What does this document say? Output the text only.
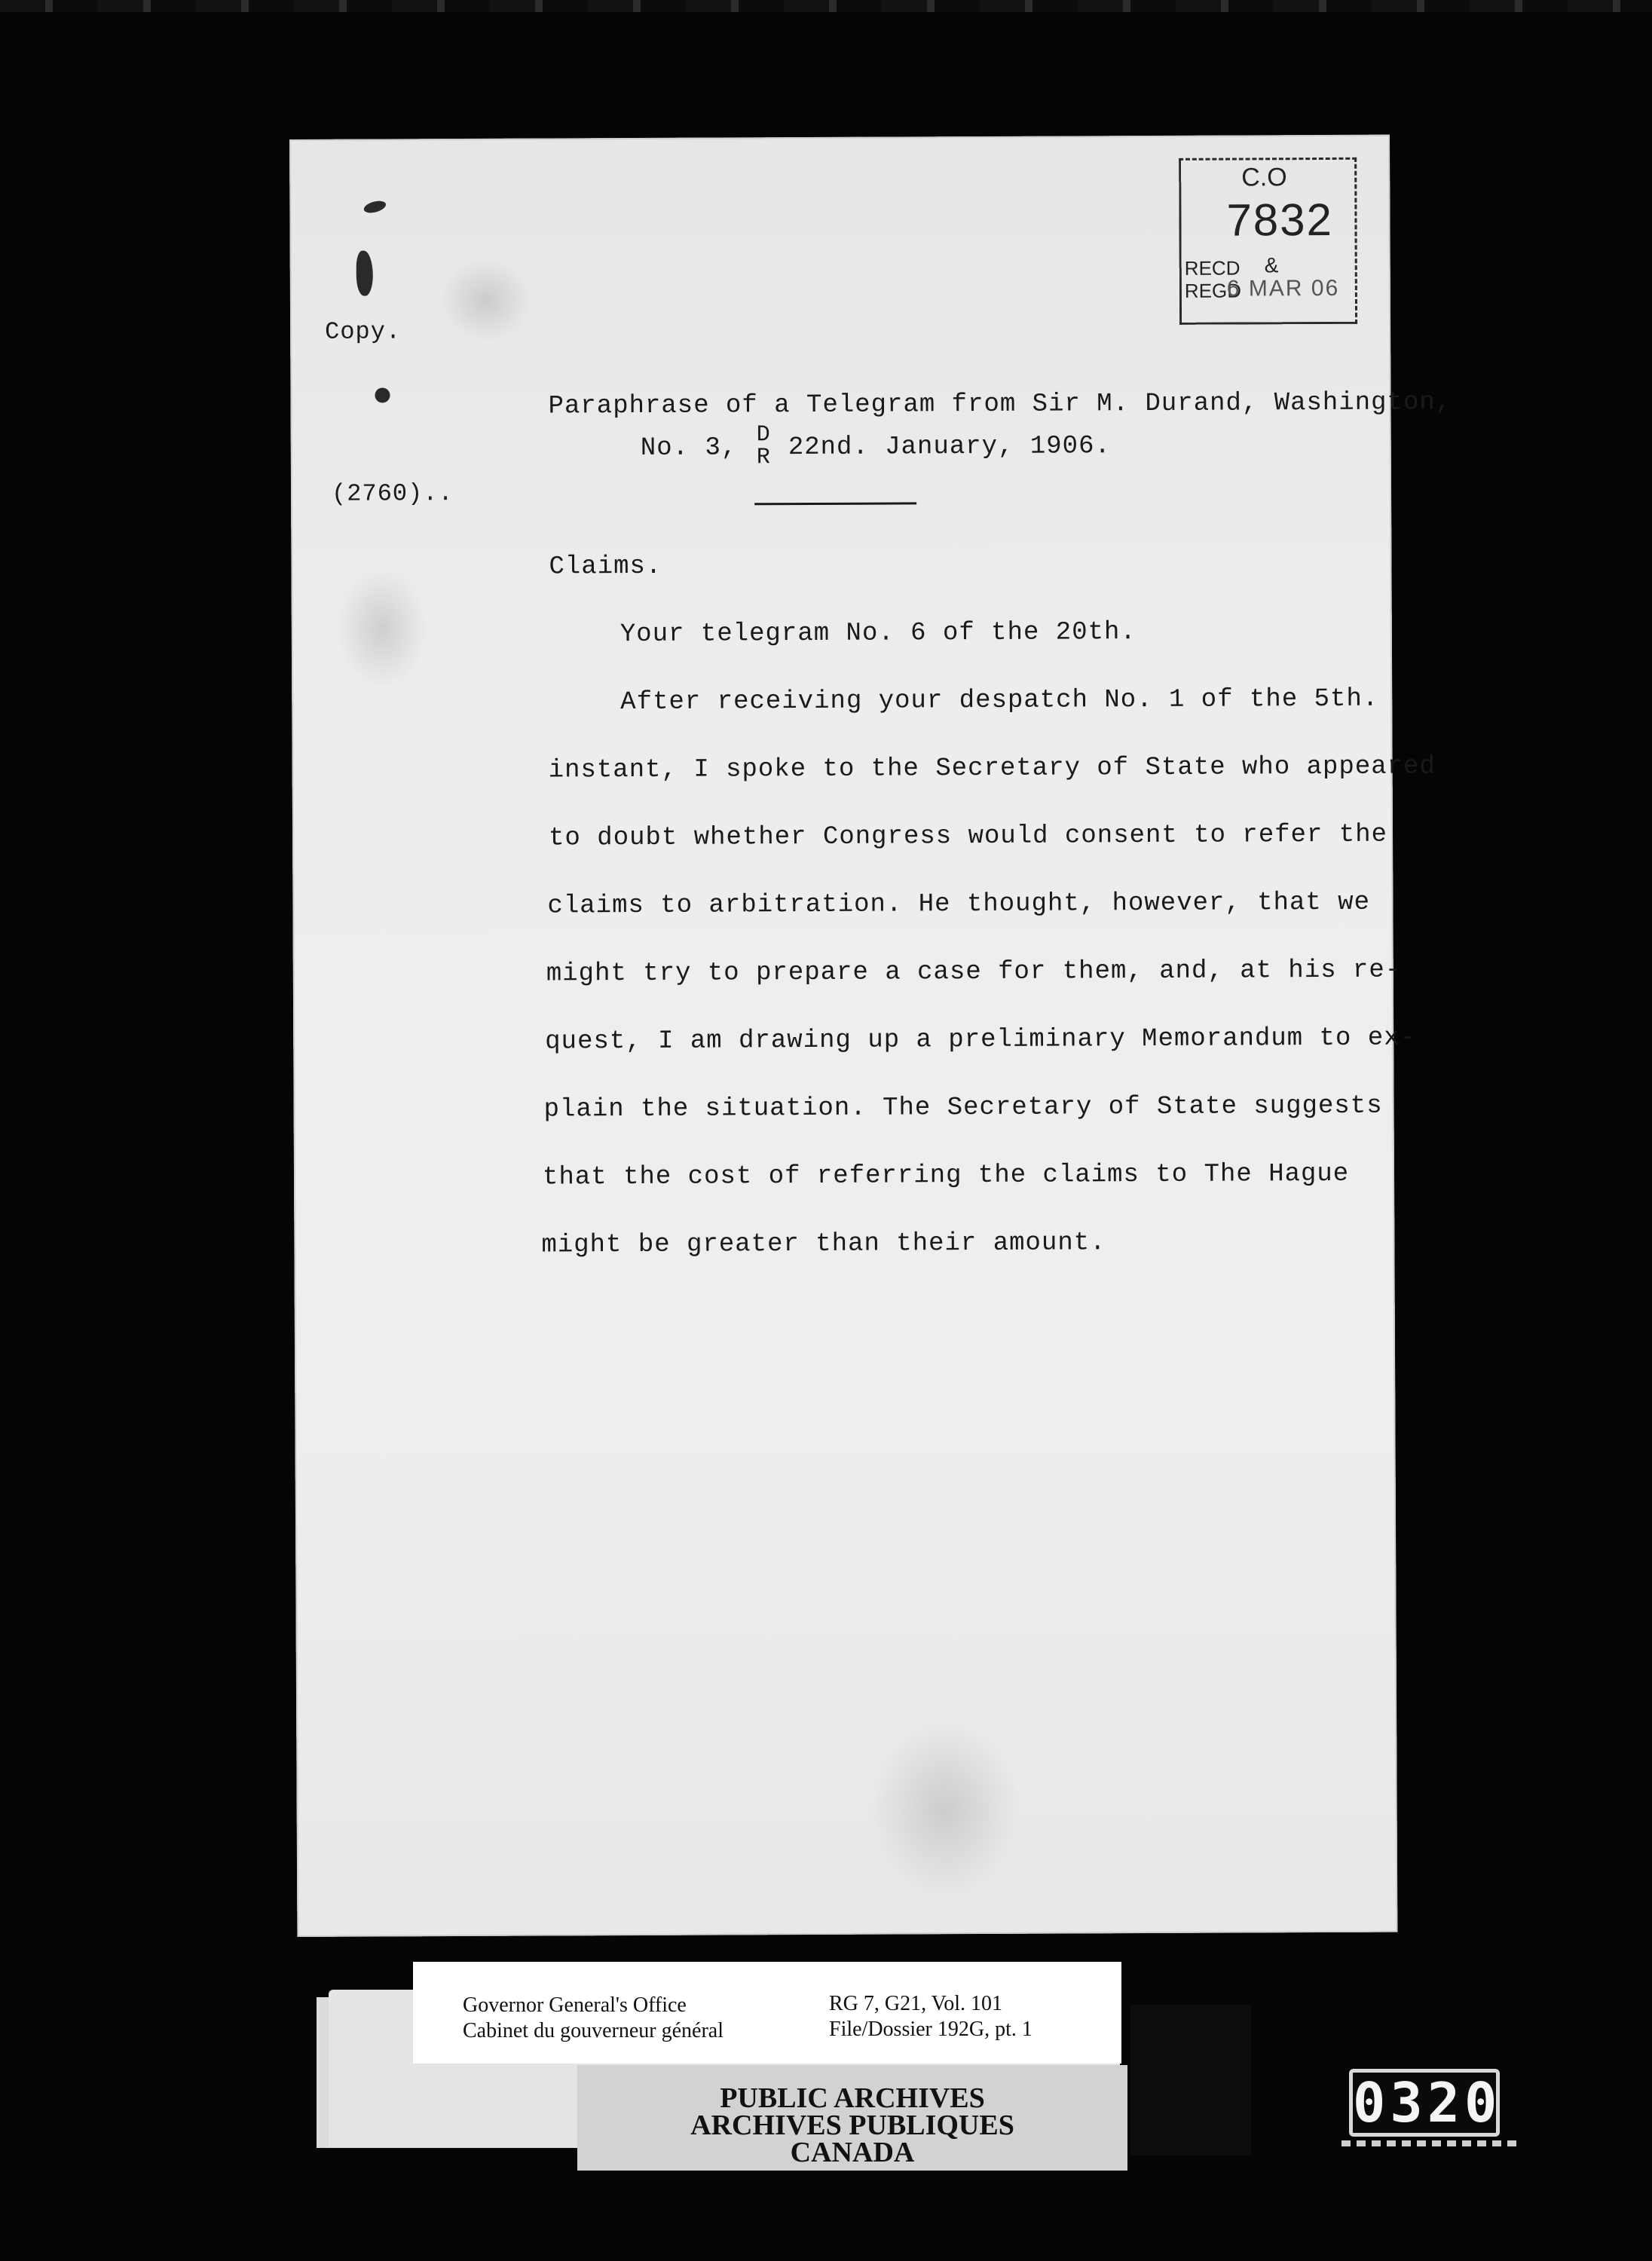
Copy.
(2760)..
C.O
7832
RECD
REGD
&
6 MAR 06
Paraphrase of a Telegram from Sir M. Durand, Washington,
No. 3, D
R 22nd. January, 1906.
Claims.
Your telegram No. 6 of the 20th.
After receiving your despatch No. 1 of the 5th.
instant, I spoke to the Secretary of State who appeared
to doubt whether Congress would consent to refer the
claims to arbitration. He thought, however, that we
might try to prepare a case for them, and, at his re-
quest, I am drawing up a preliminary Memorandum to ex-
plain the situation. The Secretary of State suggests
that the cost of referring the claims to The Hague
might be greater than their amount.
Governor General's Office
Cabinet du gouverneur général
RG 7, G21, Vol. 101
File/Dossier 192G, pt. 1
PUBLIC ARCHIVES
ARCHIVES PUBLIQUES
CANADA
0320
